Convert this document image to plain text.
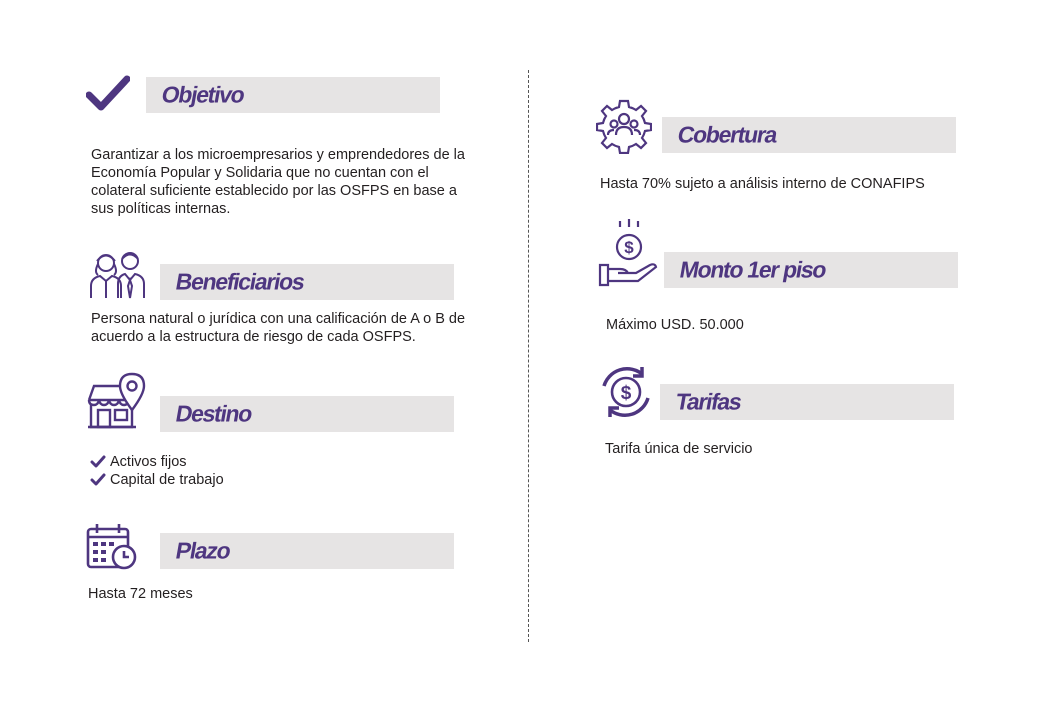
Objetivo
Garantizar a los microempresarios y emprendedores de la Economía Popular y Solidaria que no cuentan con el colateral suficiente establecido por las OSFPS en base a sus políticas internas.
Beneficiarios
Persona natural o jurídica con una calificación de A o B de acuerdo a la estructura de riesgo de cada OSFPS.
Destino
Activos fijos
Capital de trabajo
Plazo
Hasta 72 meses
Cobertura
Hasta 70% sujeto a análisis interno de CONAFIPS
$
Monto 1er piso
Máximo USD. 50.000
$ Tarifas
Tarifa única de servicio
